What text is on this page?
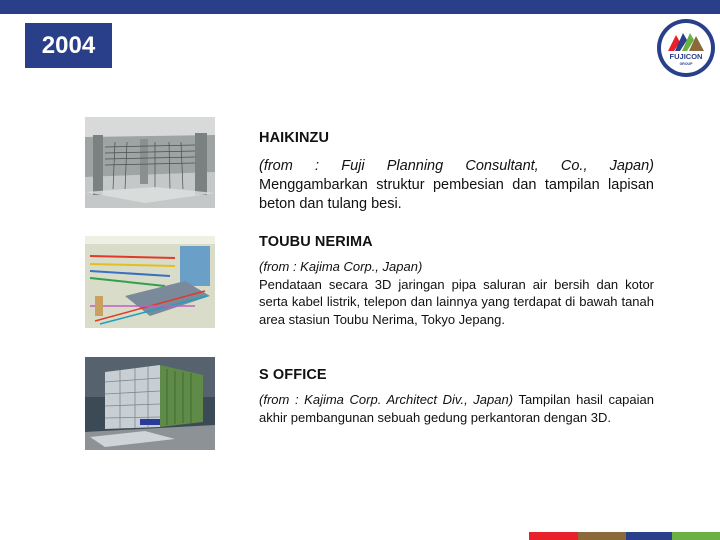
2004	FUJICON
GROUP
HAIKINZU

(from : Fuji Planning Consultant, Co., Japan) Menggambarkan struktur pembesian dan tampilan lapisan beton dan tulang besi.

TOUBU NERIMA

(from : Kajima Corp., Japan)
Pendataan secara 3D jaringan pipa saluran air bersih dan kotor serta kabel listrik, telepon dan lainnya yang terdapat di bawah tanah area stasiun Toubu Nerima, Tokyo Jepang.

S OFFICE

(from : Kajima Corp. Architect Div., Japan) Tampilan hasil capaian akhir pembangunan sebuah gedung perkantoran dengan 3D.
